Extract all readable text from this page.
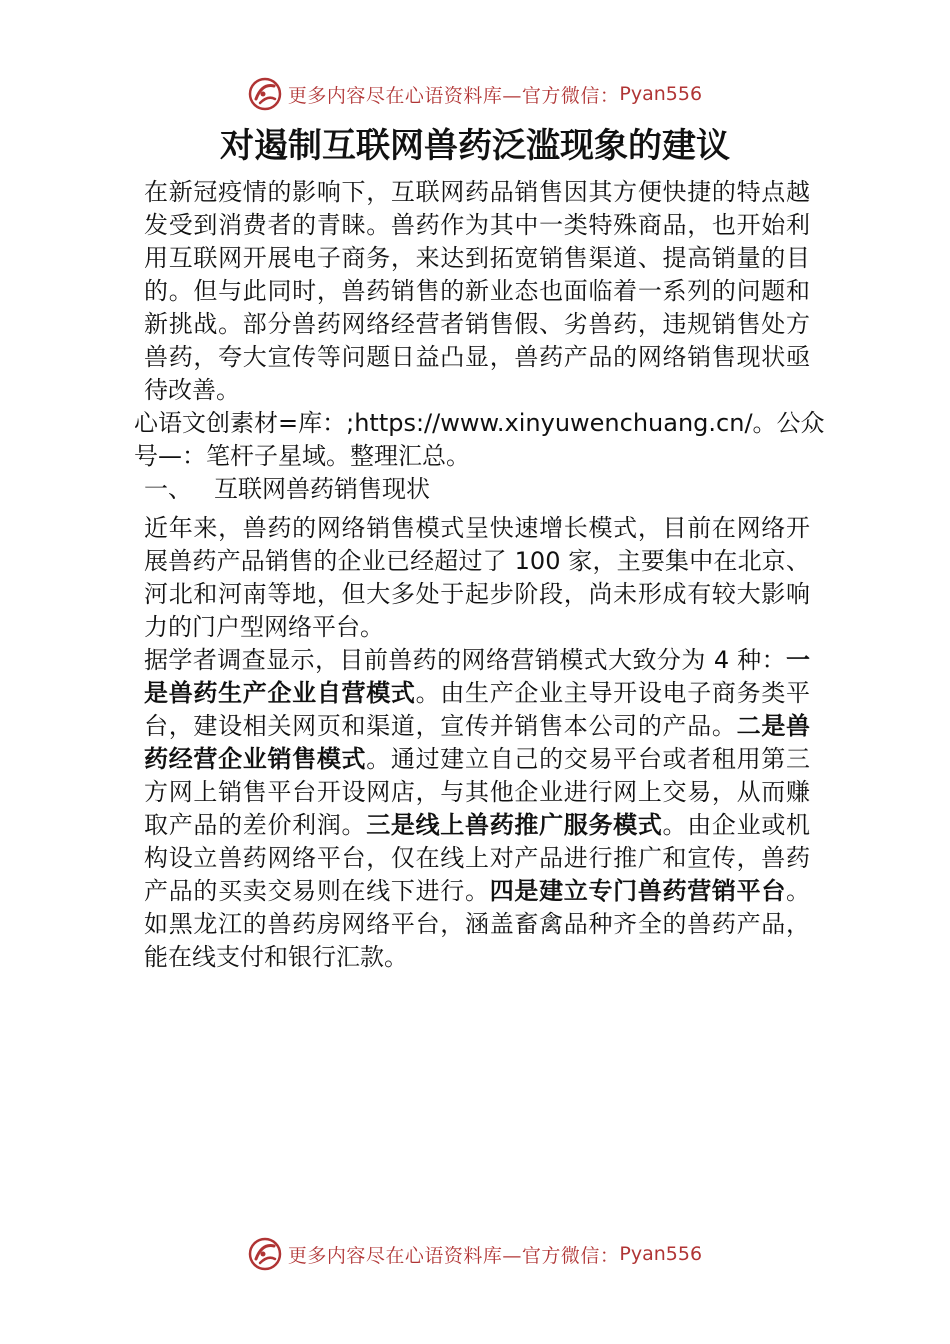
更多内容尽在心语资料库—官方微信： Pyan556
对遏制互联网兽药泛滥现象的建议

在新冠疫情的影响下，互联网药品销售因其方便快捷的特点越发受到消费者的青睐。兽药作为其中一类特殊商品，也开始利用互联网开展电子商务，来达到拓宽销售渠道、提高销量的目的。但与此同时，兽药销售的新业态也面临着一系列的问题和新挑战。部分兽药网络经营者销售假、劣兽药，违规销售处方兽药，夸大宣传等问题日益凸显，兽药产品的网络销售现状亟待改善。

心语文创素材=库：;https://www.xinyuwenchuang.cn/。公众号—：笔杆子星域。整理汇总。

一、 互联网兽药销售现状

近年来，兽药的网络销售模式呈快速增长模式，目前在网络开展兽药产品销售的企业已经超过了 100 家，主要集中在北京、河北和河南等地，但大多处于起步阶段，尚未形成有较大影响力的门户型网络平台。

据学者调查显示，目前兽药的网络营销模式大致分为 4 种：一是兽药生产企业自营模式。由生产企业主导开设电子商务类平台，建设相关网页和渠道，宣传并销售本公司的产品。二是兽药经营企业销售模式。通过建立自己的交易平台或者租用第三方网上销售平台开设网店，与其他企业进行网上交易，从而赚取产品的差价利润。三是线上兽药推广服务模式。由企业或机构设立兽药网络平台，仅在线上对产品进行推广和宣传，兽药产品的买卖交易则在线下进行。四是建立专门兽药营销平台。如黑龙江的兽药房网络平台，涵盖畜禽品种齐全的兽药产品，能在线支付和银行汇款。

更多内容尽在心语资料库—官方微信： Pyan556
